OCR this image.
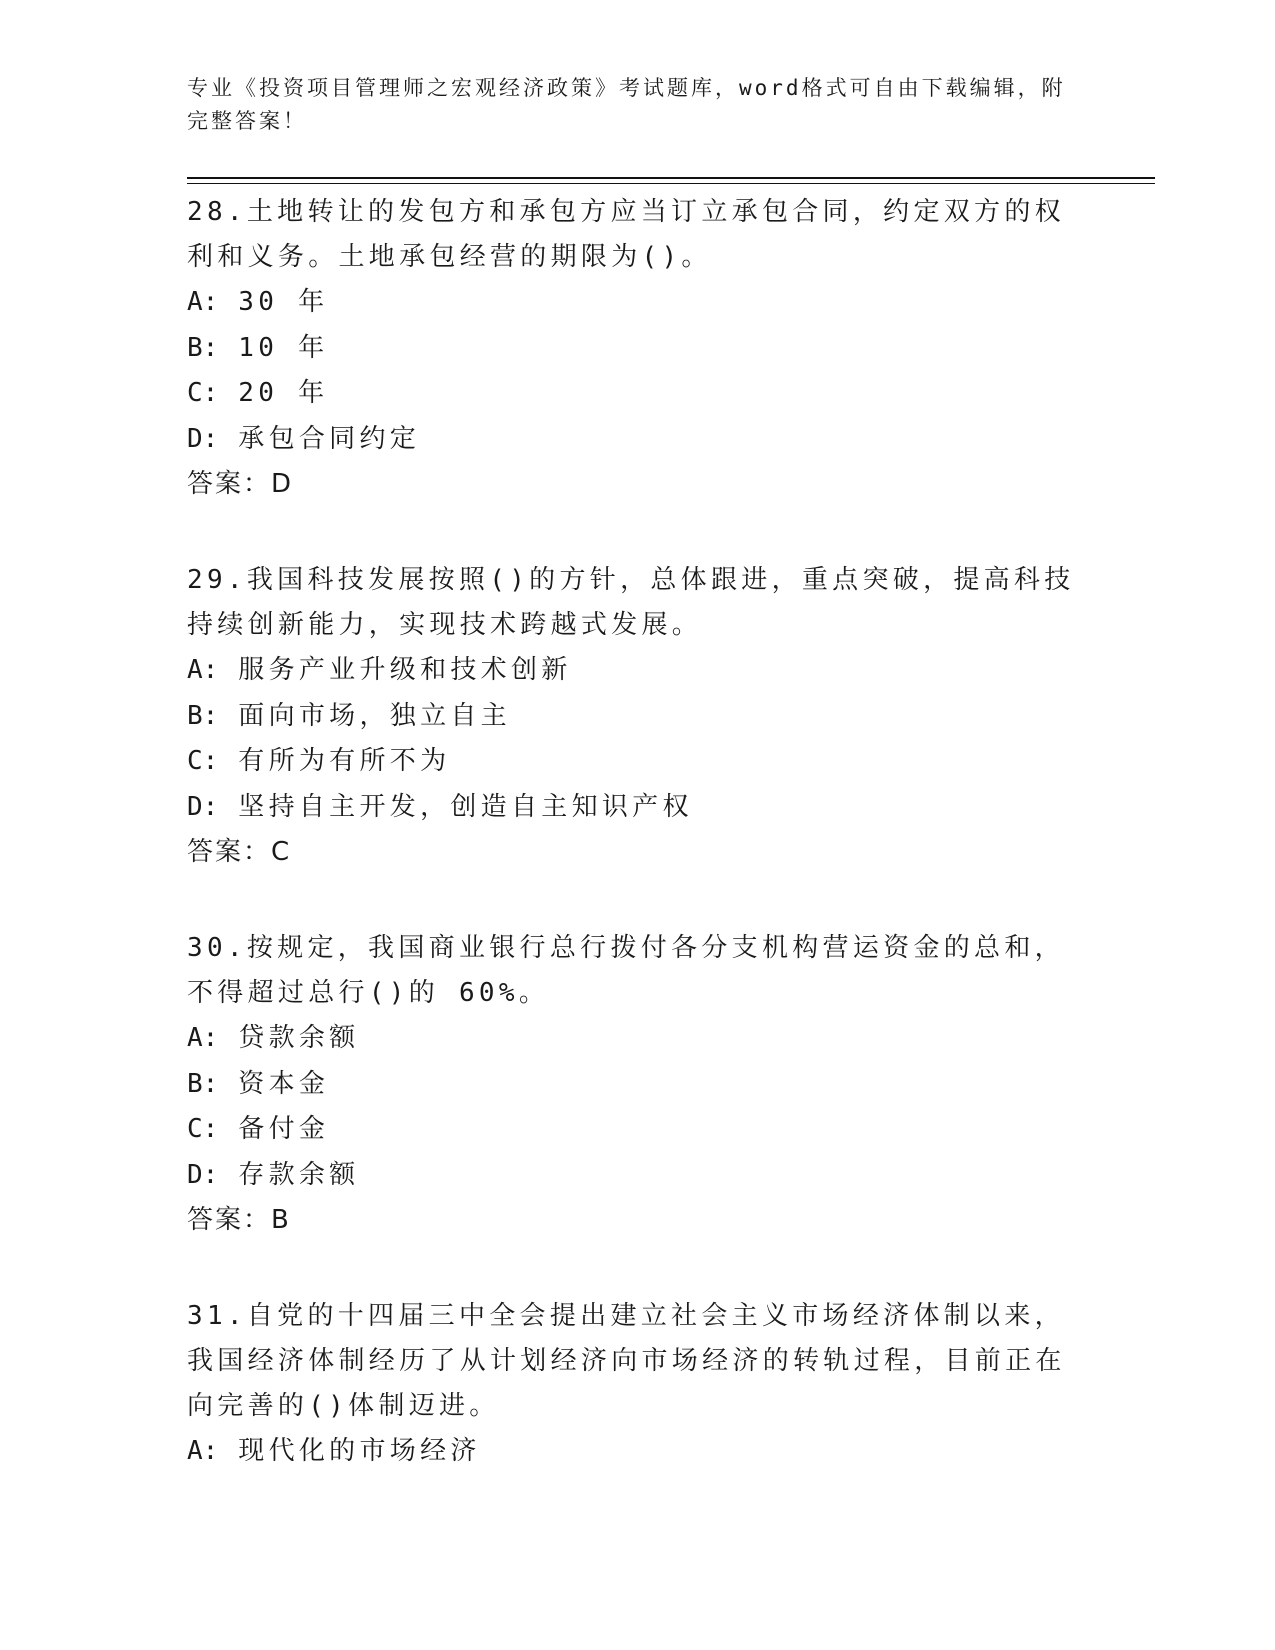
专业《投资项目管理师之宏观经济政策》考试题库，word格式可自由下载编辑，附完整答案！

28.土地转让的发包方和承包方应当订立承包合同，约定双方的权利和义务。土地承包经营的期限为()。

A: 30 年
B: 10 年
C: 20 年
D: 承包合同约定
答案：D

29.我国科技发展按照()的方针，总体跟进，重点突破，提高科技持续创新能力，实现技术跨越式发展。

A: 服务产业升级和技术创新
B: 面向市场，独立自主
C: 有所为有所不为
D: 坚持自主开发，创造自主知识产权
答案：C

30.按规定，我国商业银行总行拨付各分支机构营运资金的总和，不得超过总行()的 60%。

A: 贷款余额
B: 资本金
C: 备付金
D: 存款余额
答案：B

31.自党的十四届三中全会提出建立社会主义市场经济体制以来，我国经济体制经历了从计划经济向市场经济的转轨过程，目前正在向完善的()体制迈进。

A: 现代化的市场经济
